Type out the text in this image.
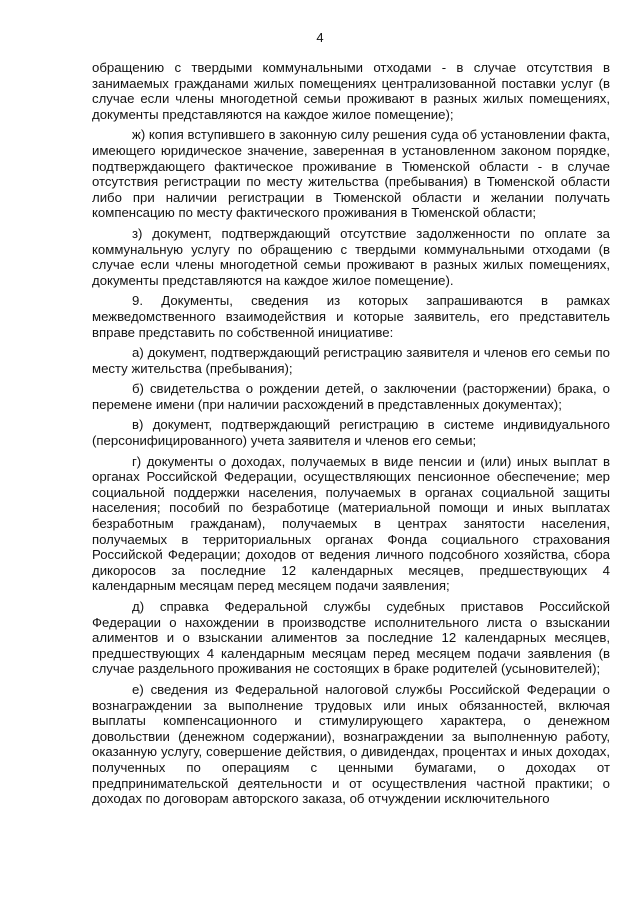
4

обращению с твердыми коммунальными отходами - в случае отсутствия в занимаемых гражданами жилых помещениях централизованной поставки услуг (в случае если члены многодетной семьи проживают в разных жилых помещениях, документы представляются на каждое жилое помещение);

ж) копия вступившего в законную силу решения суда об установлении факта, имеющего юридическое значение, заверенная в установленном законом порядке, подтверждающего фактическое проживание в Тюменской области - в случае отсутствия регистрации по месту жительства (пребывания) в Тюменской области либо при наличии регистрации в Тюменской области и желании получать компенсацию по месту фактического проживания в Тюменской области;

з) документ, подтверждающий отсутствие задолженности по оплате за коммунальную услугу по обращению с твердыми коммунальными отходами (в случае если члены многодетной семьи проживают в разных жилых помещениях, документы представляются на каждое жилое помещение).

9. Документы, сведения из которых запрашиваются в рамках межведомственного взаимодействия и которые заявитель, его представитель вправе представить по собственной инициативе:

а) документ, подтверждающий регистрацию заявителя и членов его семьи по месту жительства (пребывания);

б) свидетельства о рождении детей, о заключении (расторжении) брака, о перемене имени (при наличии расхождений в представленных документах);

в) документ, подтверждающий регистрацию в системе индивидуального (персонифицированного) учета заявителя и членов его семьи;

г) документы о доходах, получаемых в виде пенсии и (или) иных выплат в органах Российской Федерации, осуществляющих пенсионное обеспечение; мер социальной поддержки населения, получаемых в органах социальной защиты населения; пособий по безработице (материальной помощи и иных выплатах безработным гражданам), получаемых в центрах занятости населения, получаемых в территориальных органах Фонда социального страхования Российской Федерации; доходов от ведения личного подсобного хозяйства, сбора дикоросов за последние 12 календарных месяцев, предшествующих 4 календарным месяцам перед месяцем подачи заявления;

д) справка Федеральной службы судебных приставов Российской Федерации о нахождении в производстве исполнительного листа о взыскании алиментов и о взыскании алиментов за последние 12 календарных месяцев, предшествующих 4 календарным месяцам перед месяцем подачи заявления (в случае раздельного проживания не состоящих в браке родителей (усыновителей);

е) сведения из Федеральной налоговой службы Российской Федерации о вознаграждении за выполнение трудовых или иных обязанностей, включая выплаты компенсационного и стимулирующего характера, о денежном довольствии (денежном содержании), вознаграждении за выполненную работу, оказанную услугу, совершение действия, о дивидендах, процентах и иных доходах, полученных по операциям с ценными бумагами, о доходах от предпринимательской деятельности и от осуществления частной практики; о доходах по договорам авторского заказа, об отчуждении исключительного
